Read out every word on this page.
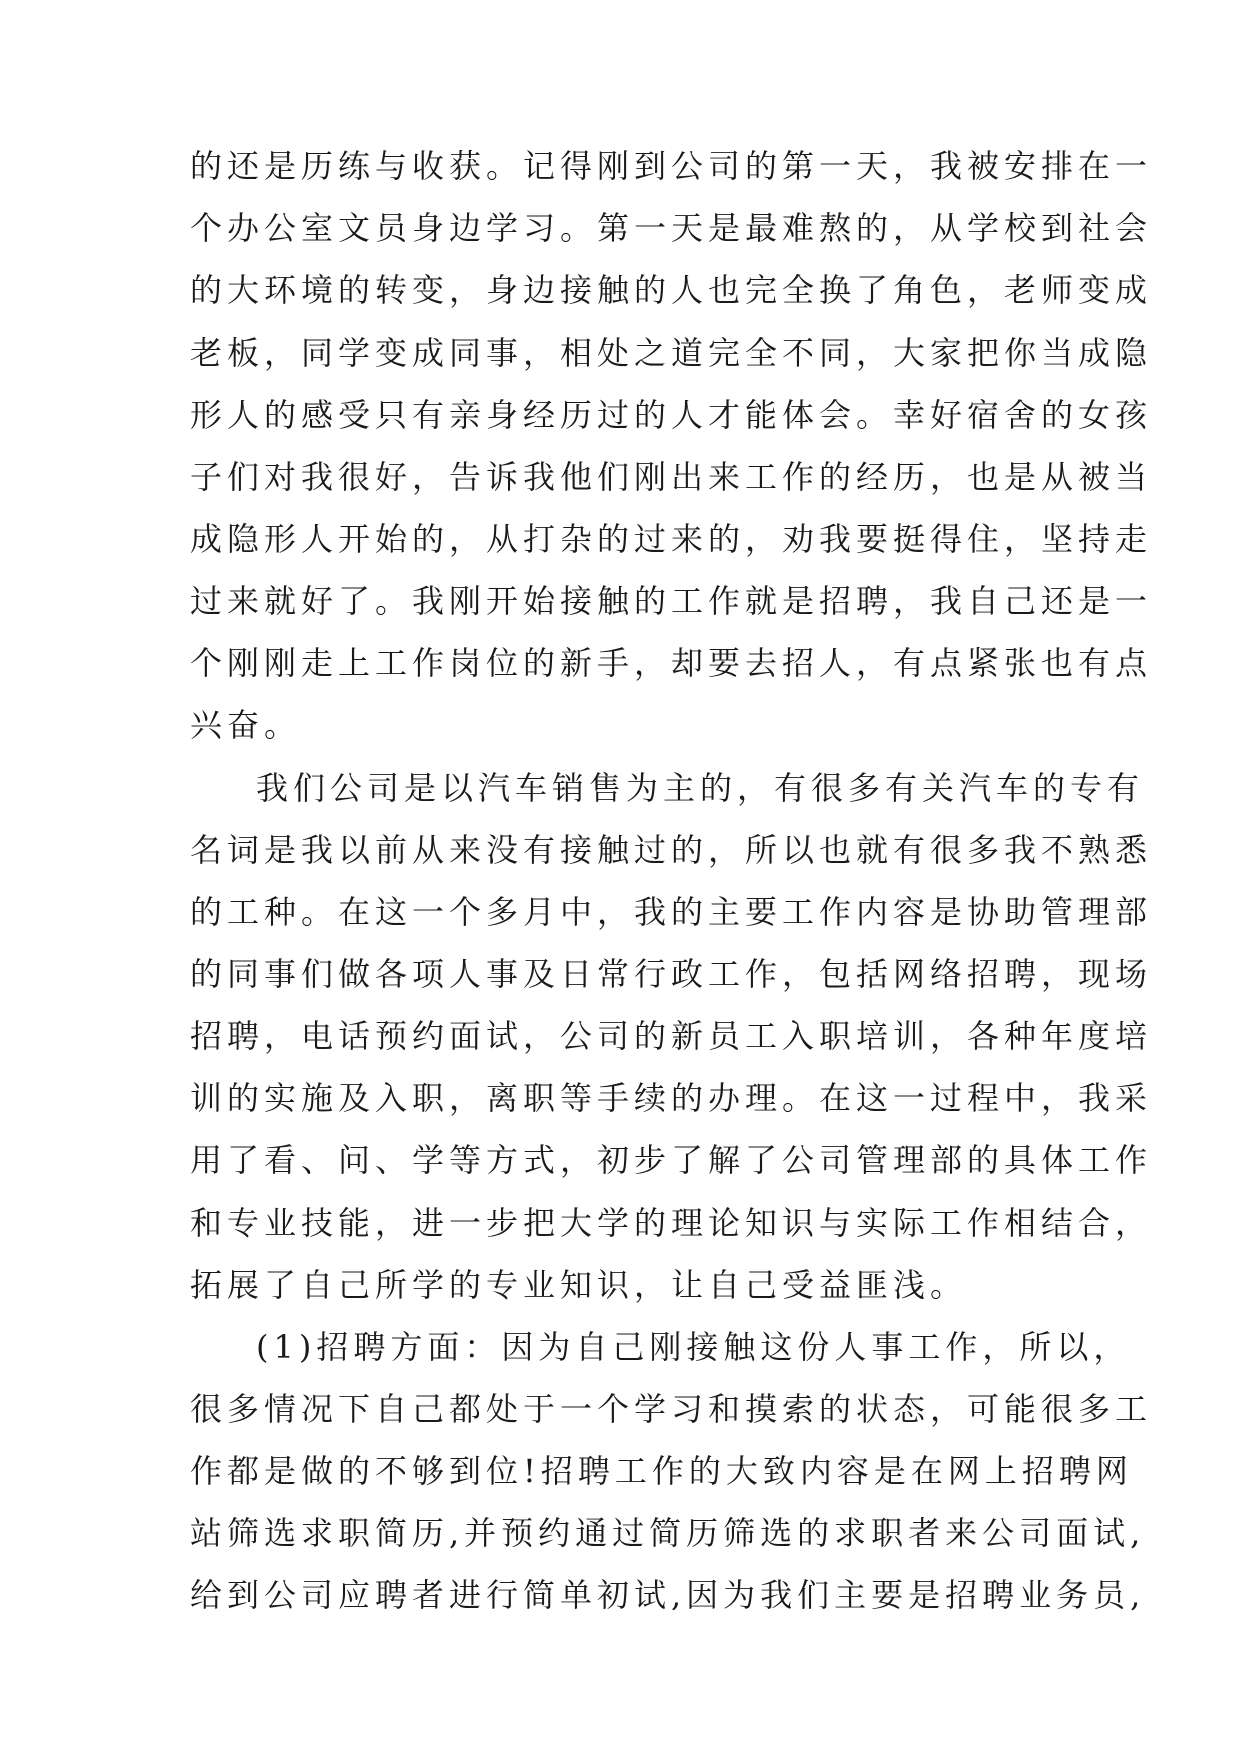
的还是历练与收获。记得刚到公司的第一天，我被安排在一
个办公室文员身边学习。第一天是最难熬的，从学校到社会
的大环境的转变，身边接触的人也完全换了角色，老师变成
老板，同学变成同事，相处之道完全不同，大家把你当成隐
形人的感受只有亲身经历过的人才能体会。幸好宿舍的女孩
子们对我很好，告诉我他们刚出来工作的经历，也是从被当
成隐形人开始的，从打杂的过来的，劝我要挺得住，坚持走
过来就好了。我刚开始接触的工作就是招聘，我自己还是一
个刚刚走上工作岗位的新手，却要去招人，有点紧张也有点
兴奋。
我们公司是以汽车销售为主的，有很多有关汽车的专有
名词是我以前从来没有接触过的，所以也就有很多我不熟悉
的工种。在这一个多月中，我的主要工作内容是协助管理部
的同事们做各项人事及日常行政工作，包括网络招聘，现场
招聘，电话预约面试，公司的新员工入职培训，各种年度培
训的实施及入职，离职等手续的办理。在这一过程中，我采
用了看、问、学等方式，初步了解了公司管理部的具体工作
和专业技能，进一步把大学的理论知识与实际工作相结合，
拓展了自己所学的专业知识，让自己受益匪浅。
(1)招聘方面：因为自己刚接触这份人事工作，所以，
很多情况下自己都处于一个学习和摸索的状态，可能很多工
作都是做的不够到位!招聘工作的大致内容是在网上招聘网
站筛选求职简历,并预约通过简历筛选的求职者来公司面试,
给到公司应聘者进行简单初试,因为我们主要是招聘业务员,
